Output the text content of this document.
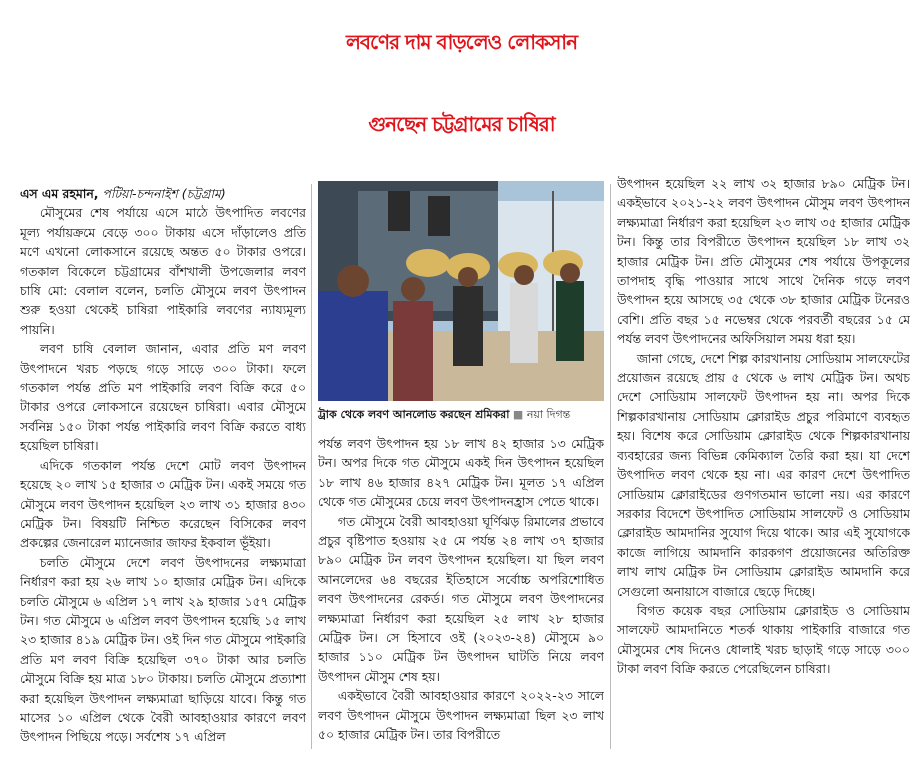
লবণের দাম বাড়লেও লোকসান
গুনছেন চট্টগ্রামের চাষিরা

এস এম রহমান, পটিয়া-চন্দনাইশ (চট্টগ্রাম)

মৌসুমের শেষ পর্যায়ে এসে মাঠে উৎপাদিত লবণের মূল্য পর্যায়ক্রমে বেড়ে ৩০০ টাকায় এসে দাঁড়ালেও প্রতি মণে এখনো লোকসানে রয়েছে অন্তত ৫০ টাকার ওপরে। গতকাল বিকেলে চট্টগ্রামের বাঁশখালী উপজেলার লবণ চাষি মো: বেলাল বলেন, চলতি মৌসুমে লবণ উৎপাদন শুরু হওয়া থেকেই চাষিরা পাইকারি লবণের ন্যায্যমূল্য পায়নি।

লবণ চাষি বেলাল জানান, এবার প্রতি মণ লবণ উৎপাদনে খরচ পড়ছে গড়ে সাড়ে ৩০০ টাকা। ফলে গতকাল পর্যন্ত প্রতি মণ পাইকারি লবণ বিক্রি করে ৫০ টাকার ওপরে লোকসানে রয়েছেন চাষিরা। এবার মৌসুমে সর্বনিম্ন ১৫০ টাকা পর্যন্ত পাইকারি লবণ বিক্রি করতে বাধ্য হয়েছিল চাষিরা।

এদিকে গতকাল পর্যন্ত দেশে মোট লবণ উৎপাদন হয়েছে ২০ লাখ ১৫ হাজার ৩ মেট্রিক টন। একই সময়ে গত মৌসুমে লবণ উৎপাদন হয়েছিল ২৩ লাখ ৩১ হাজার ৪৩০ মেট্রিক টন। বিষয়টি নিশ্চিত করেছেন বিসিকের লবণ প্রকল্পের জেনারেল ম্যানেজার জাফর ইকবাল ভূঁইয়া।

চলতি মৌসুমে দেশে লবণ উৎপাদনের লক্ষ্যমাত্রা নির্ধারণ করা হয় ২৬ লাখ ১০ হাজার মেট্রিক টন। এদিকে চলতি মৌসুমে ৬ এপ্রিল ১৭ লাখ ২৯ হাজার ১৫৭ মেট্রিক টন। গত মৌসুমে ৬ এপ্রিল লবণ উৎপাদন হয়েছি ১৫ লাখ ২৩ হাজার ৪১৯ মেট্রিক টন। ওই দিন গত মৌসুমে পাইকারি প্রতি মণ লবণ বিক্রি হয়েছিল ৩৭০ টাকা আর চলতি মৌসুমে বিক্রি হয় মাত্র ১৮০ টাকায়। চলতি মৌসুমে প্রত্যাশা করা হয়েছিল উৎপাদন লক্ষ্যমাত্রা ছাড়িয়ে যাবে। কিন্তু গত মাসের ১০ এপ্রিল থেকে বৈরী আবহাওয়ার কারণে লবণ উৎপাদন পিছিয়ে পড়ে। সর্বশেষ ১৭ এপ্রিল

ট্রাক থেকে লবণ আনলোড করছেন শ্রমিকরা ■ নয়া দিগন্ত

পর্যন্ত লবণ উৎপাদন হয় ১৮ লাখ ৪২ হাজার ১৩ মেট্রিক টন। অপর দিকে গত মৌসুমে একই দিন উৎপাদন হয়েছিল ১৮ লাখ ৪৬ হাজার ৪২৭ মেট্রিক টন। মূলত ১৭ এপ্রিল থেকে গত মৌসুমের চেয়ে লবণ উৎপাদনহ্রাস পেতে থাকে।

গত মৌসুমে বৈরী আবহাওয়া ঘূর্ণিঝড় রিমালের প্রভাবে প্রচুর বৃষ্টিপাত হওয়ায় ২৫ মে পর্যন্ত ২৪ লাখ ৩৭ হাজার ৮৯০ মেট্রিক টন লবণ উৎপাদন হয়েছিল। যা ছিল লবণ আনলেদের ৬৪ বছরের ইতিহাসে সর্বোচ্চ অপরিশোধিত লবণ উৎপাদনের রেকর্ড। গত মৌসুমে লবণ উৎপাদনের লক্ষ্যমাত্রা নির্ধারণ করা হয়েছিল ২৫ লাখ ২৮ হাজার মেট্রিক টন। সে হিসাবে ওই (২০২৩-২৪) মৌসুমে ৯০ হাজার ১১০ মেট্রিক টন উৎপাদন ঘাটতি নিয়ে লবণ উৎপাদন মৌসুম শেষ হয়।

একইভাবে বৈরী আবহাওয়ার কারণে ২০২২-২৩ সালে লবণ উৎপাদন মৌসুমে উৎপাদন লক্ষ্যমাত্রা ছিল ২৩ লাখ ৫০ হাজার মেট্রিক টন। তার বিপরীতে

উৎপাদন হয়েছিল ২২ লাখ ৩২ হাজার ৮৯০ মেট্রিক টন। একইভাবে ২০২১-২২ লবণ উৎপাদন মৌসুম লবণ উৎপাদন লক্ষ্যমাত্রা নির্ধারণ করা হয়েছিল ২৩ লাখ ৩৫ হাজার মেট্রিক টন। কিন্তু তার বিপরীতে উৎপাদন হয়েছিল ১৮ লাখ ৩২ হাজার মেট্রিক টন। প্রতি মৌসুমের শেষ পর্যায়ে উপকূলের তাপদাহ বৃদ্ধি পাওয়ার সাথে সাথে দৈনিক গড়ে লবণ উৎপাদন হয়ে আসছে ৩৫ থেকে ৩৮ হাজার মেট্রিক টনেরও বেশি। প্রতি বছর ১৫ নভেম্বর থেকে পরবর্তী বছরের ১৫ মে পর্যন্ত লবণ উৎপাদনের অফিসিয়াল সময় ধরা হয়।

জানা গেছে, দেশে শিল্প কারখানায় সোডিয়াম সালফেটের প্রয়োজন রয়েছে প্রায় ৫ থেকে ৬ লাখ মেট্রিক টন। অথচ দেশে সোডিয়াম সালফেট উৎপাদন হয় না। অপর দিকে শিল্পকারখানায় সোডিয়াম ক্লোরাইড প্রচুর পরিমাণে ব্যবহৃত হয়। বিশেষ করে সোডিয়াম ক্লোরাইড থেকে শিল্পকারখানায় ব্যবহারের জন্য বিভিন্ন কেমিক্যাল তৈরি করা হয়। যা দেশে উৎপাদিত লবণ থেকে হয় না। এর কারণ দেশে উৎপাদিত সোডিয়াম ক্লোরাইডের গুণগতমান ভালো নয়। এর কারণে সরকার বিদেশে উৎপাদিত সোডিয়াম সালফেট ও সোডিয়াম ক্লোরাইড আমদানির সুযোগ দিয়ে থাকে। আর এই সুযোগকে কাজে লাগিয়ে আমদানি কারকগণ প্রয়োজনের অতিরিক্ত লাখ লাখ মেট্রিক টন সোডিয়াম ক্লোরাইড আমদানি করে সেগুলো অনায়াসে বাজারে ছেড়ে দিচ্ছে।

বিগত কয়েক বছর সোডিয়াম ক্লোরাইড ও সোডিয়াম সালফেট আমদানিতে শতর্ক থাকায় পাইকারি বাজারে গত মৌসুমের শেষ দিনেও ধোলাই খরচ ছাড়াই গড়ে সাড়ে ৩০০ টাকা লবণ বিক্রি করতে পেরেছিলেন চাষিরা।
